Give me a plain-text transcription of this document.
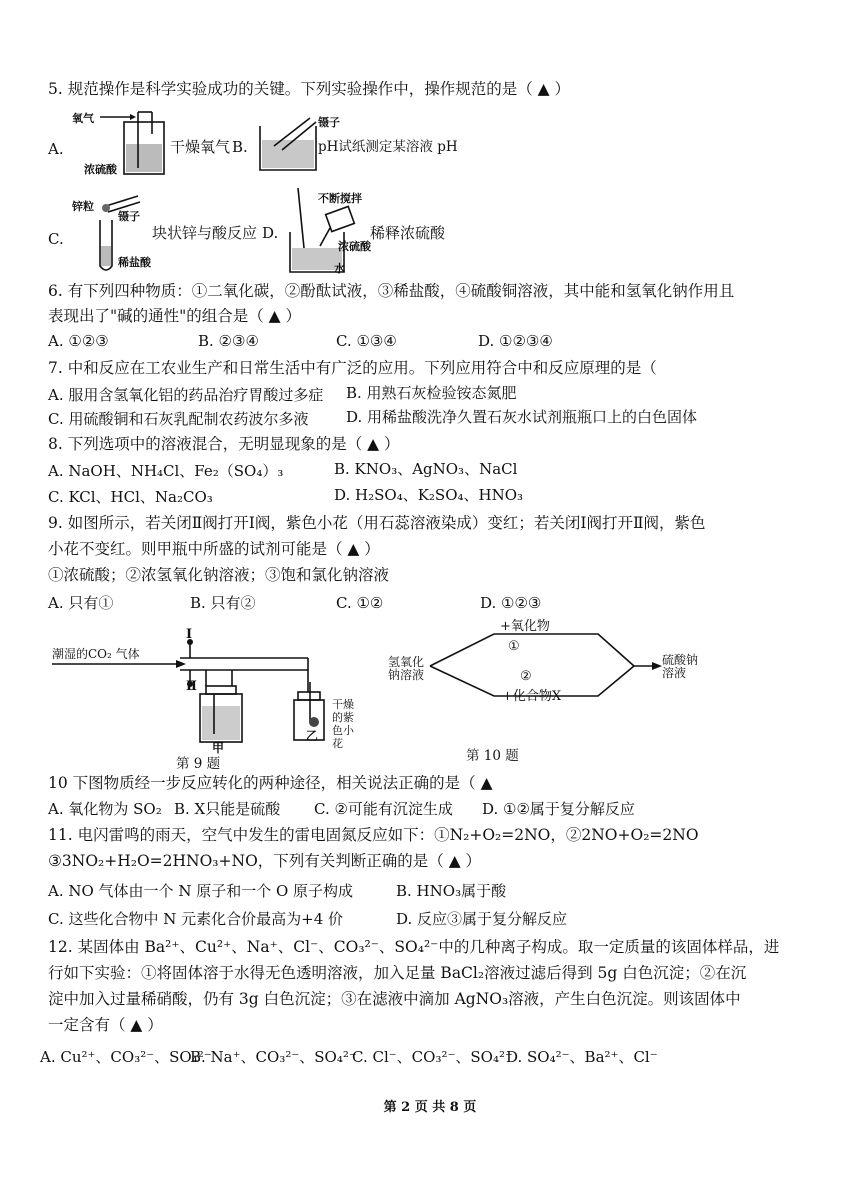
5. 规范操作是科学实验成功的关键。下列实验操作中，操作规范的是（ ▲ ）
A.
氧气
浓硫酸
干燥氧气 B.
镊子
pH试纸测定某溶液 pH
C.
锌粒
镊子
稀盐酸
块状锌与酸反应 D.
不断搅拌
浓硫酸
水
稀释浓硫酸
6. 有下列四种物质：①二氧化碳，②酚酞试液，③稀盐酸，④硫酸铜溶液，其中能和氢氧化钠作用且
表现出了"碱的通性"的组合是（ ▲ ）
A. ①②③	B. ②③④	C. ①③④	D. ①②③④
7. 中和反应在工农业生产和日常生活中有广泛的应用。下列应用符合中和反应原理的是（
A. 服用含氢氧化铝的药品治疗胃酸过多症 B. 用熟石灰检验铵态氮肥
C. 用硫酸铜和石灰乳配制农药波尔多液	D. 用稀盐酸洗净久置石灰水试剂瓶瓶口上的白色固体
8. 下列选项中的溶液混合，无明显现象的是（ ▲ ）
A. NaOH、NH₄Cl、Fe₂（SO₄）₃	B. KNO₃、AgNO₃、NaCl
C. KCl、HCl、Na₂CO₃	D. H₂SO₄、K₂SO₄、HNO₃
9. 如图所示，若关闭Ⅱ阀打开Ⅰ阀，紫色小花（用石蕊溶液染成）变红；若关闭Ⅰ阀打开Ⅱ阀，紫色
小花不变红。则甲瓶中所盛的试剂可能是（ ▲ ）
①浓硫酸；②浓氢氧化钠溶液；③饱和氯化钠溶液
A. 只有①	B. 只有②	C. ①②	D. ①②③
潮湿的CO₂ 气体
Ⅰ
Ⅱ
甲
乙
干燥的紫色小花
第 9 题
氢氧化钠溶液
+氧化物
①
②
+化合物X
硫酸钠溶液
第 10 题
10 下图物质经一步反应转化的两种途径，相关说法正确的是（ ▲
A. 氧化物为 SO₂ B. X只能是硫酸 C. ②可能有沉淀生成 D. ①②属于复分解反应
11. 电闪雷鸣的雨天，空气中发生的雷电固氮反应如下：①N₂+O₂=2NO，②2NO+O₂=2NO
③3NO₂+H₂O=2HNO₃+NO，下列有关判断正确的是（ ▲ ）
A. NO 气体由一个 N 原子和一个 O 原子构成	B. HNO₃属于酸
C. 这些化合物中 N 元素化合价最高为+4 价	D. 反应③属于复分解反应
12. 某固体由 Ba²⁺、Cu²⁺、Na⁺、Cl⁻、CO₃²⁻、SO₄²⁻中的几种离子构成。取一定质量的该固体样品，进
行如下实验：①将固体溶于水得无色透明溶液，加入足量 BaCl₂溶液过滤后得到 5g 白色沉淀；②在沉
淀中加入过量稀硝酸，仍有 3g 白色沉淀；③在滤液中滴加 AgNO₃溶液，产生白色沉淀。则该固体中
一定含有（ ▲ ）
A. Cu²⁺、CO₃²⁻、SO₄²⁻
B. Na⁺、CO₃²⁻、SO₄²⁻
C. Cl⁻、CO₃²⁻、SO₄²⁻
D. SO₄²⁻、Ba²⁺、Cl⁻
第 2 页 共 8 页
